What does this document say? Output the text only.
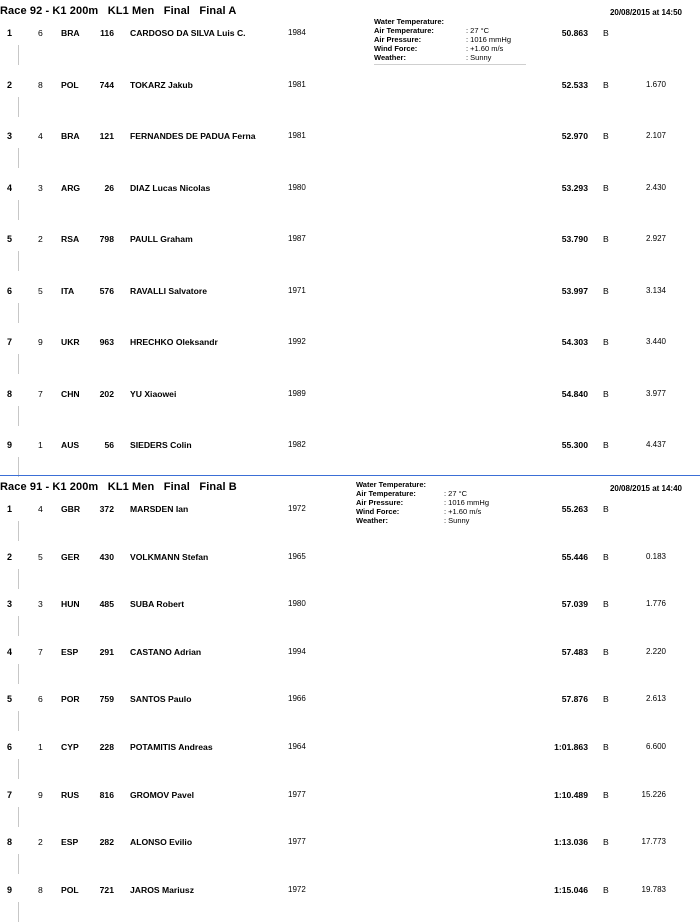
Race 92 - K1 200m   KL1 Men   Final   Final A	20/08/2015 at 14:50
Water Temperature:
Air Temperature:	: 27 °C
Air Pressure:	: 1016 mmHg
Wind Force:	: +1.60 m/s
Weather:	: Sunny
1	6 BRA	116 CARDOSO DA SILVA Luis C.	1984	50.863 B
2	8 POL	744 TOKARZ Jakub	1981	52.533 B	1.670
3	4 BRA	121 FERNANDES DE PADUA Ferna	1981	52.970 B	2.107
4	3 ARG	26 DIAZ Lucas Nicolas	1980	53.293 B	2.430
5	2 RSA	798 PAULL Graham	1987	53.790 B	2.927
6	5 ITA	576 RAVALLI Salvatore	1971	53.997 B	3.134
7	9 UKR	963 HRECHKO Oleksandr	1992	54.303 B	3.440
8	7 CHN	202 YU Xiaowei	1989	54.840 B	3.977
9	1 AUS	56 SIEDERS Colin	1982	55.300 B	4.437
Race 91 - K1 200m   KL1 Men   Final   Final B	20/08/2015 at 14:40
Water Temperature:
Air Temperature:	: 27 °C
Air Pressure:	: 1016 mmHg
Wind Force:	: +1.60 m/s
Weather:	: Sunny
1	4 GBR	372 MARSDEN Ian	1972	55.263 B
2	5 GER	430 VOLKMANN Stefan	1965	55.446 B	0.183
3	3 HUN	485 SUBA Robert	1980	57.039 B	1.776
4	7 ESP	291 CASTANO Adrian	1994	57.483 B	2.220
5	6 POR	759 SANTOS Paulo	1966	57.876 B	2.613
6	1 CYP	228 POTAMITIS Andreas	1964	1:01.863 B	6.600
7	9 RUS	816 GROMOV Pavel	1977	1:10.489 B	15.226
8	2 ESP	282 ALONSO Evilio	1977	1:13.036 B	17.773
9	8 POL	721 JAROS Mariusz	1972	1:15.046 B	19.783
